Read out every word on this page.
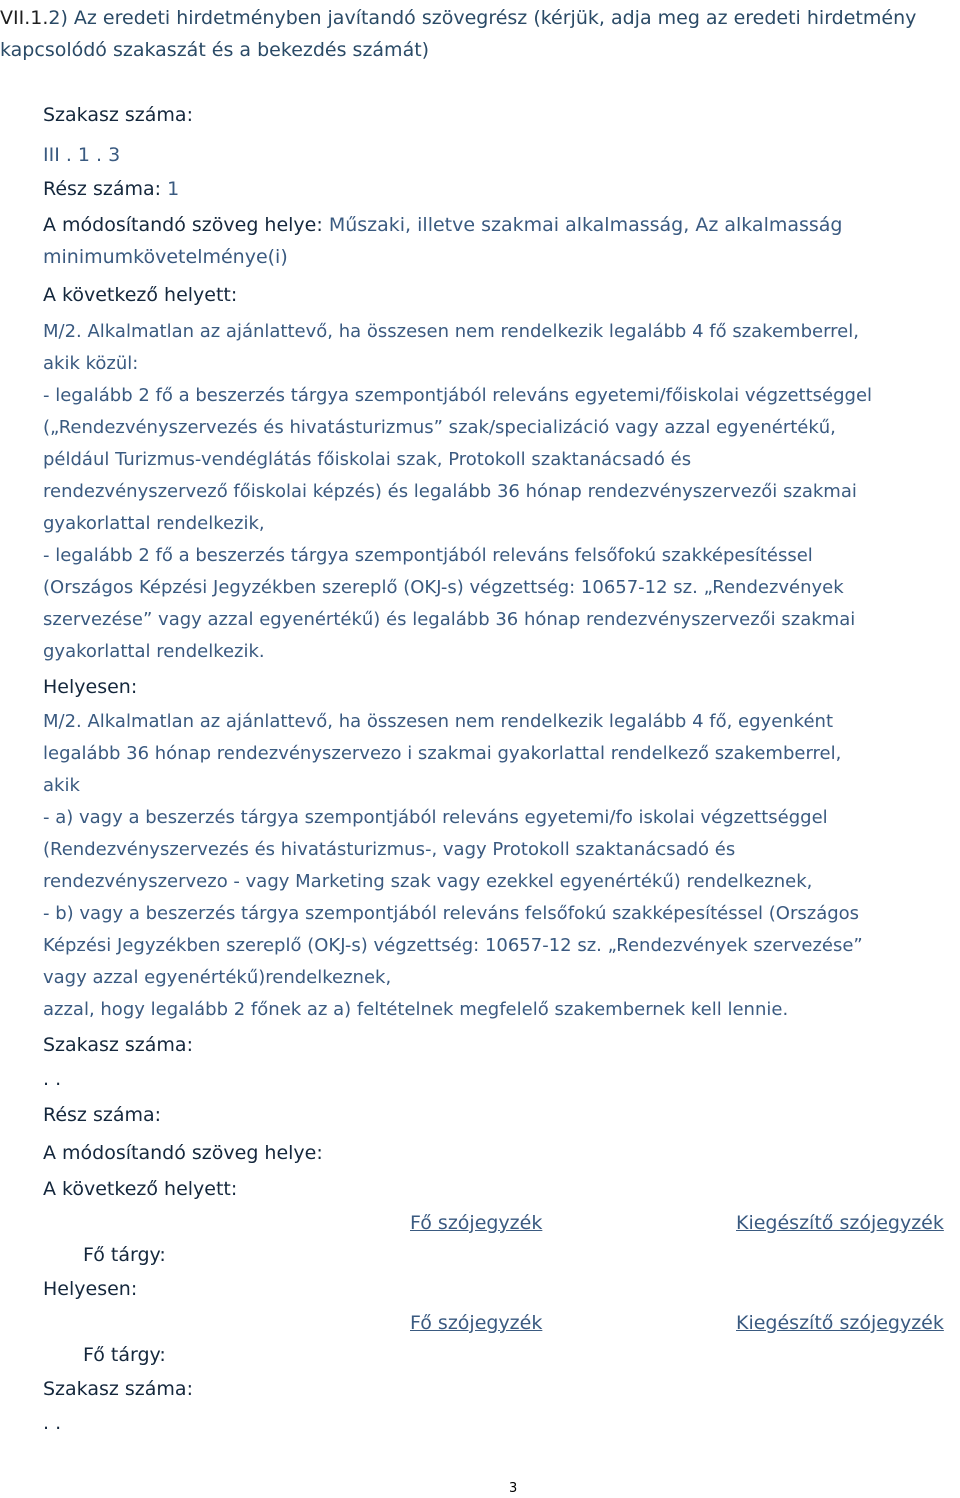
VII.1.2) Az eredeti hirdetményben javítandó szövegrész (kérjük, adja meg az eredeti hirdetmény
kapcsolódó szakaszát és a bekezdés számát)
Szakasz száma:
III . 1 . 3
Rész száma: 1
A módosítandó szöveg helye: Műszaki, illetve szakmai alkalmasság, Az alkalmasság
minimumkövetelménye(i)
A következő helyett:

M/2. Alkalmatlan az ajánlattevő, ha összesen nem rendelkezik legalább 4 fő szakemberrel,

akik közül:

- legalább 2 fő a beszerzés tárgya szempontjából releváns egyetemi/főiskolai végzettséggel

(„Rendezvényszervezés és hivatásturizmus” szak/specializáció vagy azzal egyenértékű,

például Turizmus-vendéglátás főiskolai szak, Protokoll szaktanácsadó és

rendezvényszervező főiskolai képzés) és legalább 36 hónap rendezvényszervezői szakmai

gyakorlattal rendelkezik,

- legalább 2 fő a beszerzés tárgya szempontjából releváns felsőfokú szakképesítéssel

(Országos Képzési Jegyzékben szereplő (OKJ-s) végzettség: 10657-12 sz. „Rendezvények

szervezése” vagy azzal egyenértékű) és legalább 36 hónap rendezvényszervezői szakmai

gyakorlattal rendelkezik.

Helyesen:

M/2. Alkalmatlan az ajánlattevő, ha összesen nem rendelkezik legalább 4 fő, egyenként

legalább 36 hónap rendezvényszervezo i szakmai gyakorlattal rendelkező szakemberrel,

akik

- a) vagy a beszerzés tárgya szempontjából releváns egyetemi/fo iskolai végzettséggel

(Rendezvényszervezés és hivatásturizmus-, vagy Protokoll szaktanácsadó és

rendezvényszervezo - vagy Marketing szak vagy ezekkel egyenértékű) rendelkeznek,

- b) vagy a beszerzés tárgya szempontjából releváns felsőfokú szakképesítéssel (Országos

Képzési Jegyzékben szereplő (OKJ-s) végzettség: 10657-12 sz. „Rendezvények szervezése”

vagy azzal egyenértékű)rendelkeznek,

azzal, hogy legalább 2 főnek az a) feltételnek megfelelő szakembernek kell lennie.

Szakasz száma:
. .
Rész száma:
A módosítandó szöveg helye:
A következő helyett:
Fő szójegyzék	Kiegészítő szójegyzék
Fő tárgy:
Helyesen:
Fő szójegyzék	Kiegészítő szójegyzék
Fő tárgy:
Szakasz száma:
. .
3
